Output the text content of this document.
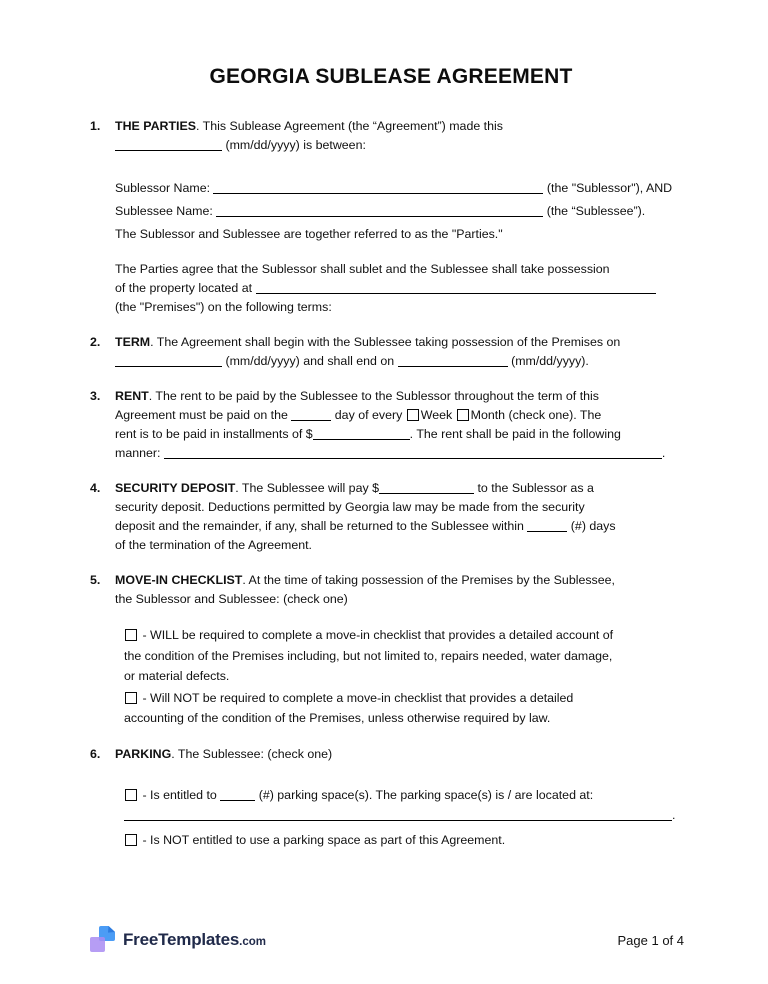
GEORGIA SUBLEASE AGREEMENT
1.	THE PARTIES. This Sublease Agreement (the “Agreement”) made this
(mm/dd/yyyy) is between:

Sublessor Name:	(the "Sublessor"), AND

Sublessee Name:	(the “Sublessee”).

The Sublessor and Sublessee are together referred to as the "Parties."

The Parties agree that the Sublessor shall sublet and the Sublessee shall take possession
of the property located at
(the "Premises") on the following terms:

2.	TERM. The Agreement shall begin with the Sublessee taking possession of the Premises on
(mm/dd/yyyy) and shall end on	(mm/dd/yyyy).

3.	RENT. The rent to be paid by the Sublessee to the Sublessor throughout the term of this
Agreement must be paid on the	day of every Week Month (check one). The
rent is to be paid in installments of $	. The rent shall be paid in the following
manner:	.

4.	SECURITY DEPOSIT. The Sublessee will pay $	to the Sublessor as a
security deposit. Deductions permitted by Georgia law may be made from the security
deposit and the remainder, if any, shall be returned to the Sublessee within	(#) days
of the termination of the Agreement.

5.	MOVE-IN CHECKLIST. At the time of taking possession of the Premises by the Sublessee,
the Sublessor and Sublessee: (check one)

- WILL be required to complete a move-in checklist that provides a detailed account of
the condition of the Premises including, but not limited to, repairs needed, water damage,
or material defects.

- Will NOT be required to complete a move-in checklist that provides a detailed
accounting of the condition of the Premises, unless otherwise required by law.

6.	PARKING. The Sublessee: (check one)

- Is entitled to	(#) parking space(s). The parking space(s) is / are located at:
.

- Is NOT entitled to use a parking space as part of this Agreement.

FreeTemplates.com	Page 1 of 4
